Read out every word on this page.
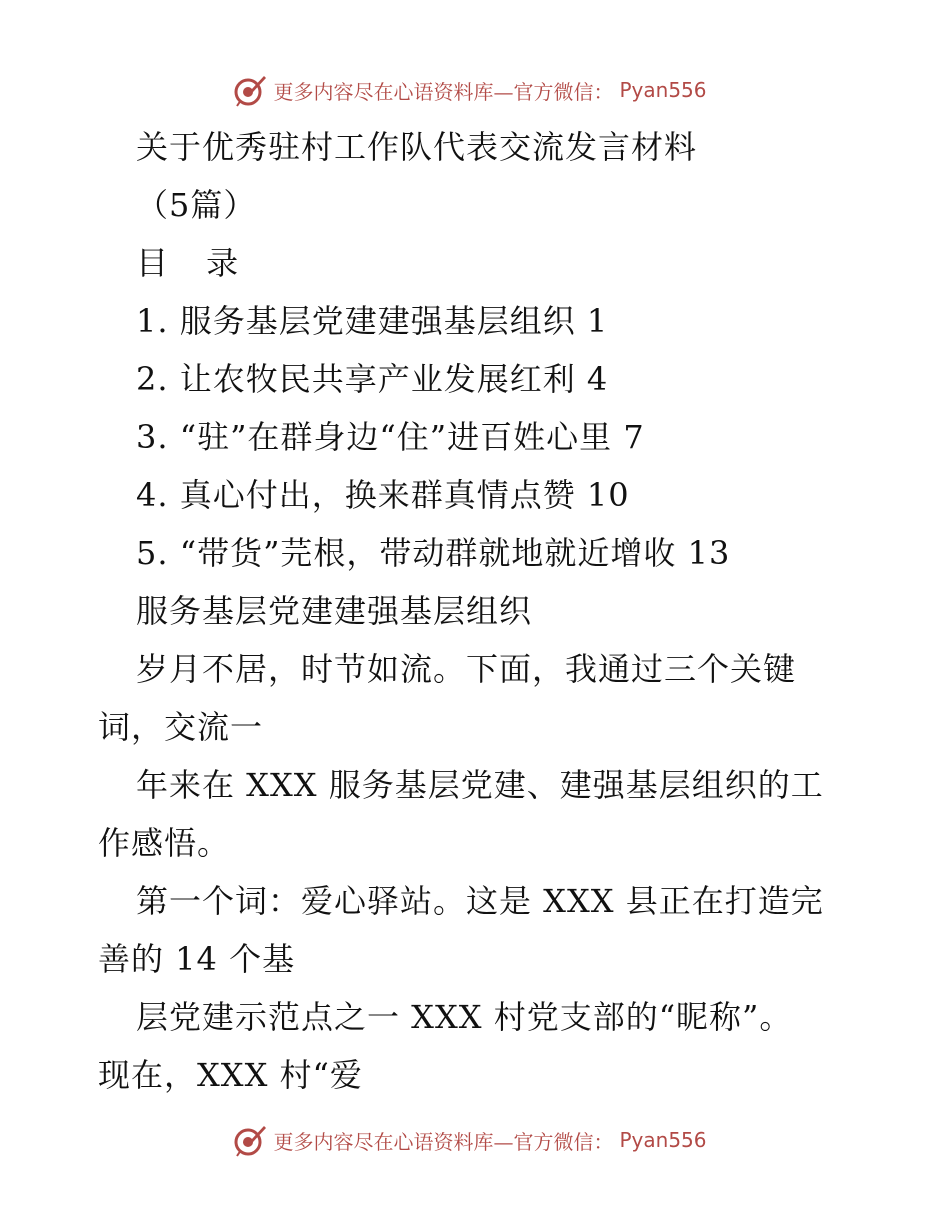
更多内容尽在心语资料库—官方微信： Pyan556
关于优秀驻村工作队代表交流发言材料
（5篇）
目 录
1. 服务基层党建建强基层组织 1
2. 让农牧民共享产业发展红利 4
3. “驻”在群身边“住”进百姓心里 7
4. 真心付出，换来群真情点赞 10
5. “带货”芫根，带动群就地就近增收 13
服务基层党建建强基层组织
岁月不居，时节如流。下面，我通过三个关键
词，交流一
年来在 XXX 服务基层党建、建强基层组织的工
作感悟。
第一个词：爱心驿站。这是 XXX 县正在打造完
善的 14 个基
层党建示范点之一 XXX 村党支部的“昵称”。
现在，XXX 村“爱
更多内容尽在心语资料库—官方微信： Pyan556
